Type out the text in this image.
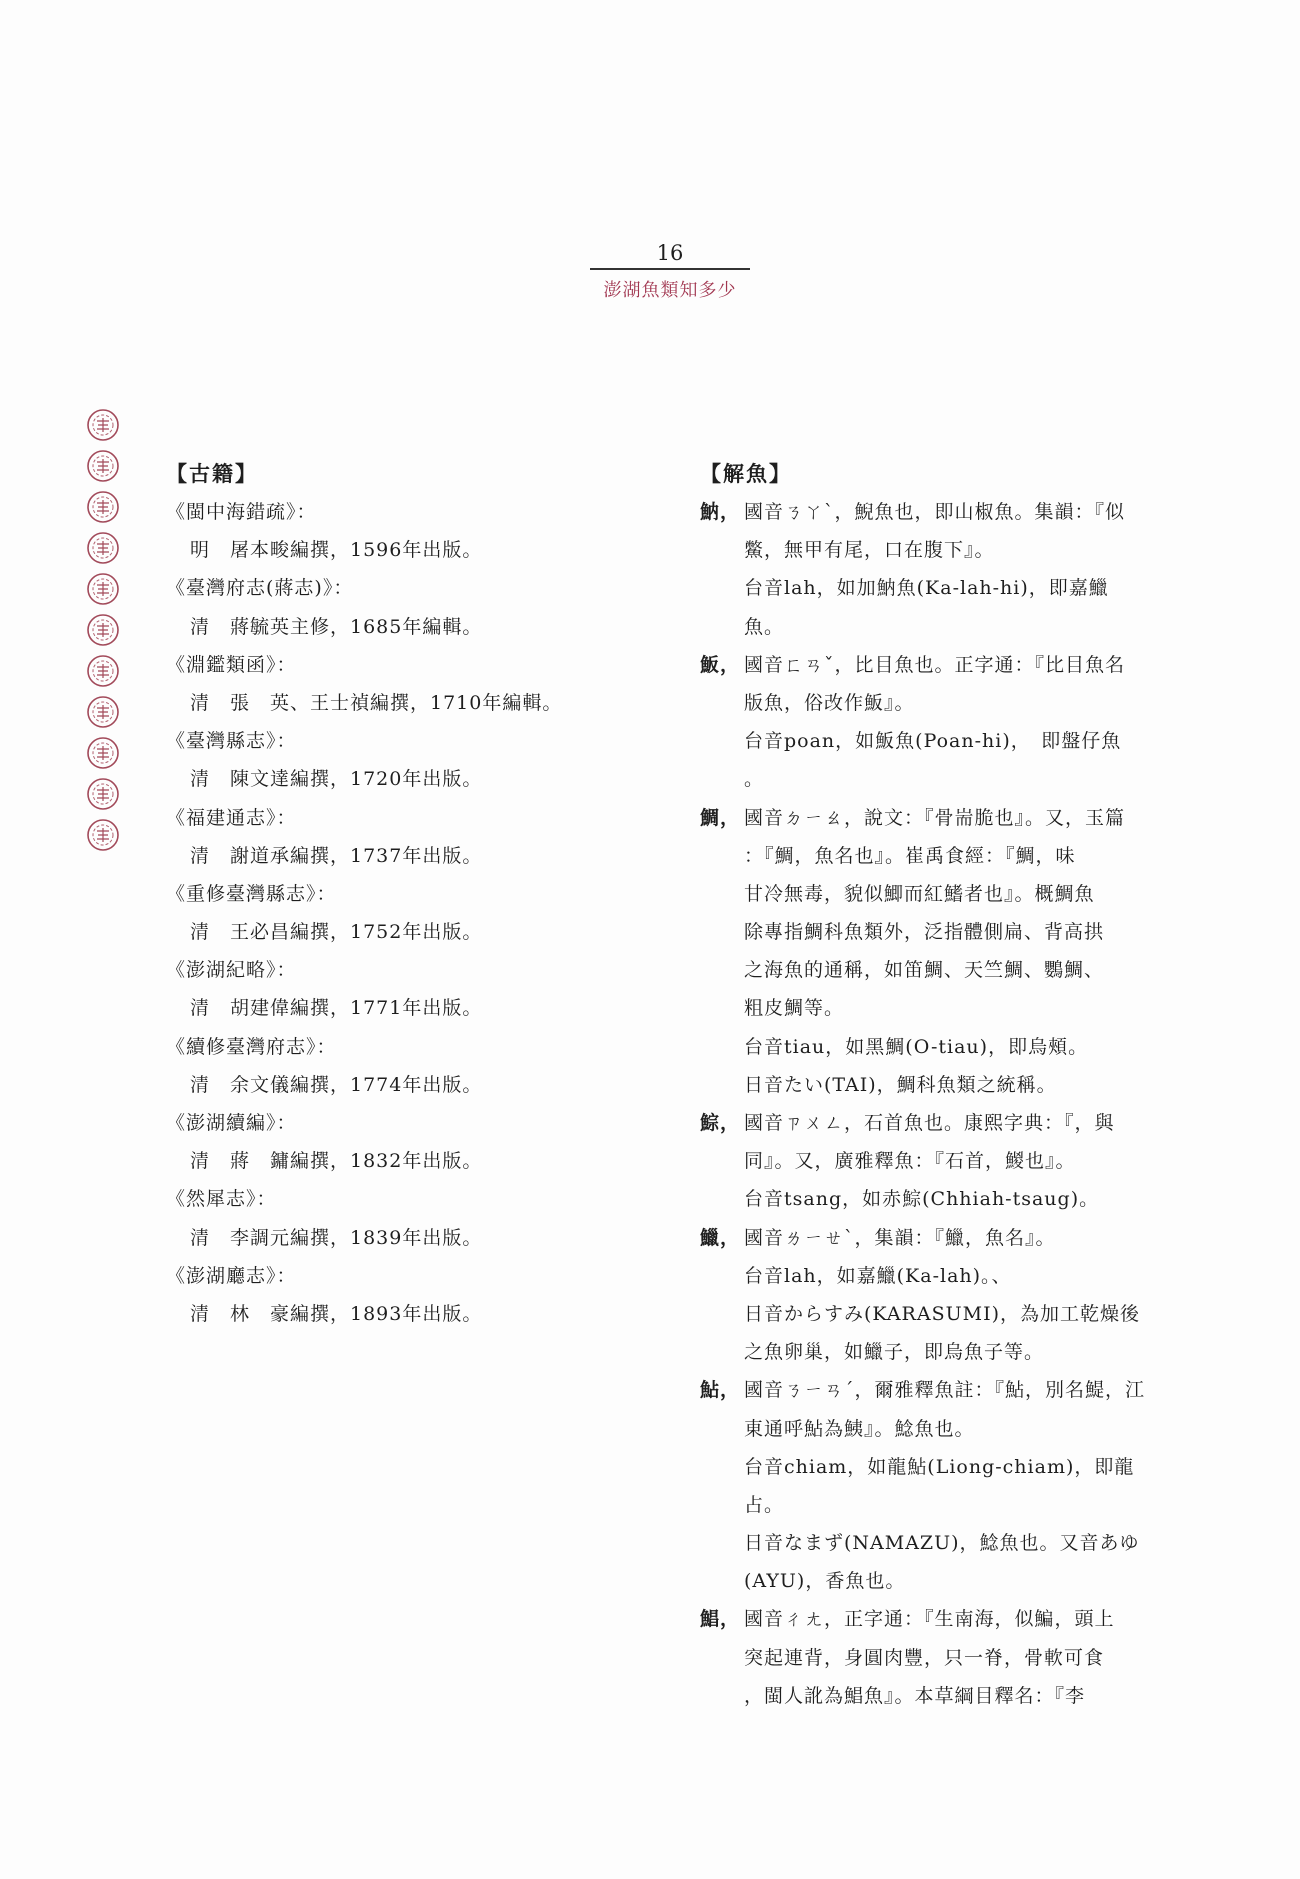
16
澎湖魚類知多少
【古籍】
《閩中海錯疏》：
明　屠本畯編撰，1596年出版。
《臺灣府志(蔣志)》：
清　蔣毓英主修，1685年編輯。
《淵鑑類函》：
清　張　英、王士禎編撰，1710年編輯。
《臺灣縣志》：
清　陳文達編撰，1720年出版。
《福建通志》：
清　謝道承編撰，1737年出版。
《重修臺灣縣志》：
清　王必昌編撰，1752年出版。
《澎湖紀略》：
清　胡建偉編撰，1771年出版。
《續修臺灣府志》：
清　余文儀編撰，1774年出版。
《澎湖續編》：
清　蔣　鏞編撰，1832年出版。
《然犀志》：
清　李調元編撰，1839年出版。
《澎湖廳志》：
清　林　豪編撰，1893年出版。
【解魚】
魶， 國音ㄋㄚˋ，鯢魚也，即山椒魚。集韻：『似
鱉，無甲有尾，口在腹下』。
台音lah，如加魶魚(Ka-lah-hi)，即嘉鱲
魚。
魬， 國音ㄈㄢˇ，比目魚也。正字通：『比目魚名
版魚，俗改作魬』。
台音poan，如魬魚(Poan-hi)，　即盤仔魚
。
鯛， 國音ㄉㄧㄠ，說文：『骨耑脆也』。又，玉篇
：『鯛，魚名也』。崔禹食經：『鯛，味
甘冷無毒，貌似鯽而紅鰭者也』。概鯛魚
除專指鯛科魚類外，泛指體側扁、背高拱
之海魚的通稱，如笛鯛、天竺鯛、鸚鯛、
粗皮鯛等。
台音tiau，如黑鯛(O-tiau)，即烏頰。
日音たい(TAI)，鯛科魚類之統稱。
鯮， 國音ㄗㄨㄥ，石首魚也。康熙字典：『，與
同』。又，廣雅釋魚：『石首，鯼也』。
台音tsang，如赤鯮(Chhiah-tsaug)。
鱲， 國音ㄌㄧㄝˋ，集韻：『鱲，魚名』。
台音lah，如嘉鱲(Ka-lah)。、
日音からすみ(KARASUMI)，為加工乾燥後
之魚卵巢，如鱲子，即烏魚子等。
鮎， 國音ㄋㄧㄢˊ，爾雅釋魚註：『鮎，別名鯷，江
東通呼鮎為鮧』。鯰魚也。
台音chiam，如龍鮎(Liong-chiam)，即龍
占。
日音なまず(NAMAZU)，鯰魚也。又音あゆ
(AYU)，香魚也。
鯧， 國音ㄔㄤ，正字通：『生南海，似鯿，頭上
突起連背，身圓肉豐，只一脊，骨軟可食
，閩人訛為鯧魚』。本草綱目釋名：『李
